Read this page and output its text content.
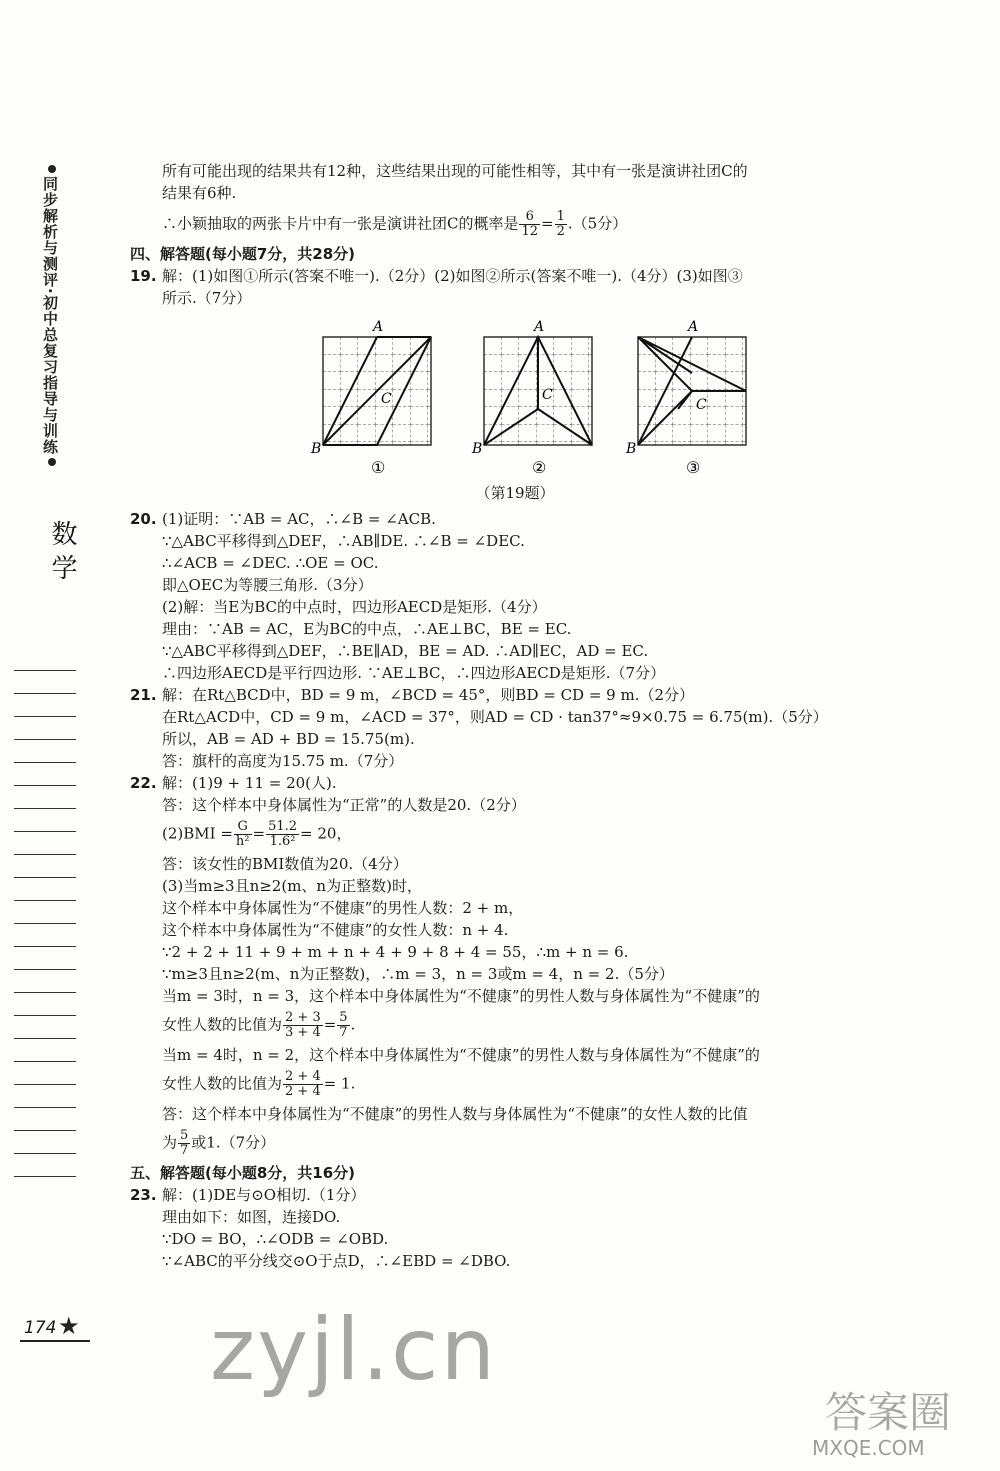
同步解析与测评·初中总复习指导与训练
数学

所有可能出现的结果共有12种，这些结果出现的可能性相等，其中有一张是演讲社团C的

结果有6种.

∴小颖抽取的两张卡片中有一张是演讲社团C的概率是 $\frac{6}{12} = \frac{1}{2} .(5$分）

四、解答题(每小题7分，共28分)

19. 解：(1)如图①所示(答案不唯一).（2分）(2)如图②所示(答案不唯一).（4分）(3)如图③

所示.（7分）

A
B
C
①
A
B
C
②
A
B
C
③
（第19题）

20. (1)证明：∵AB = AC，∴∠B = ∠ACB.

∵△ABC平移得到△DEF，∴AB∥DE. ∴∠B = ∠DEC.

∴∠ACB = ∠DEC. ∴OE = OC.

即△OEC为等腰三角形.（3分）

(2)解：当E为BC的中点时，四边形AECD是矩形.（4分）

理由：∵AB = AC，E为BC的中点，∴AE⊥BC，BE = EC.

∵△ABC平移得到△DEF，∴BE∥AD，BE = AD. ∴AD∥EC，AD = EC.

∴四边形AECD是平行四边形. ∵AE⊥BC，∴四边形AECD是矩形.（7分）

21. 解：在Rt△BCD中，BD = 9 m，∠BCD = 45°，则BD = CD = 9 m.（2分）

在Rt△ACD中，CD = 9 m，∠ACD = 37°，则AD = CD · tan37°≈9×0.75 = 6.75(m).（5分）

所以，AB = AD + BD = 15.75(m).

答：旗杆的高度为15.75 m.（7分）

22. 解：(1)9 + 11 = 20(人).

答：这个样本中身体属性为“正常”的人数是20.（2分）

$(2)BMI = \frac{G}{\text{h²}} = \frac{51.2}{\text{1.6²}} = 20$，

答：该女性的BMI数值为20.（4分）

(3)当m≥3且n≥2(m、n为正整数)时，

这个样本中身体属性为“不健康”的男性人数：2 + m，

这个样本中身体属性为“不健康”的女性人数：n + 4.

∵2 + 2 + 11 + 9 + m + n + 4 + 9 + 8 + 4 = 55，∴m + n = 6.

∵m≥3且n≥2(m、n为正整数)，∴m = 3，n = 3或m = 4，n = 2.（5分）

当m = 3时，n = 3，这个样本中身体属性为“不健康”的男性人数与身体属性为“不健康”的

女性人数的比值为 $\frac{2 + 3}{3 + 4} = \frac{5}{7}$ .

当m = 4时，n = 2，这个样本中身体属性为“不健康”的男性人数与身体属性为“不健康”的

女性人数的比值为 $\frac{2 + 4}{2 + 4} = 1$.

答：这个样本中身体属性为“不健康”的男性人数与身体属性为“不健康”的女性人数的比值

为 $\frac{5}{7}$ 或1.（7分）

五、解答题(每小题8分，共16分)

23. 解：(1)DE与⊙O相切.（1分）

理由如下：如图，连接DO.

∵DO = BO，∴∠ODB = ∠OBD.

∵∠ABC的平分线交⊙O于点D，∴∠EBD = ∠DBO.

174 ★ zyjl.cn
答案圈
MXQE.COM
